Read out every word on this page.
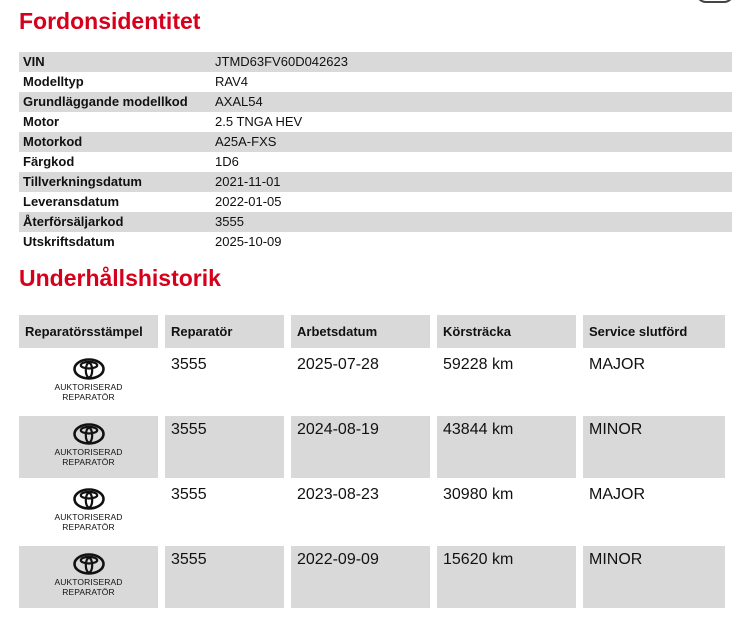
Fordonsidentitet
VIN	JTMD63FV60D042623
Modelltyp	RAV4
Grundläggande modellkod	AXAL54
Motor	2.5 TNGA HEV
Motorkod	A25A-FXS
Färgkod	1D6
Tillverkningsdatum	2021-11-01
Leveransdatum	2022-01-05
Återförsäljarkod	3555
Utskriftsdatum	2025-10-09
Underhållshistorik
Reparatörsstämpel	Reparatör	Arbetsdatum	Körsträcka	Service slutförd

AUKTORISERAD
REPARATÖR	3555	2025-07-28	59228 km	MAJOR

AUKTORISERAD
REPARATÖR	3555	2024-08-19	43844 km	MINOR

AUKTORISERAD
REPARATÖR	3555	2023-08-23	30980 km	MAJOR

AUKTORISERAD
REPARATÖR	3555	2022-09-09	15620 km	MINOR
